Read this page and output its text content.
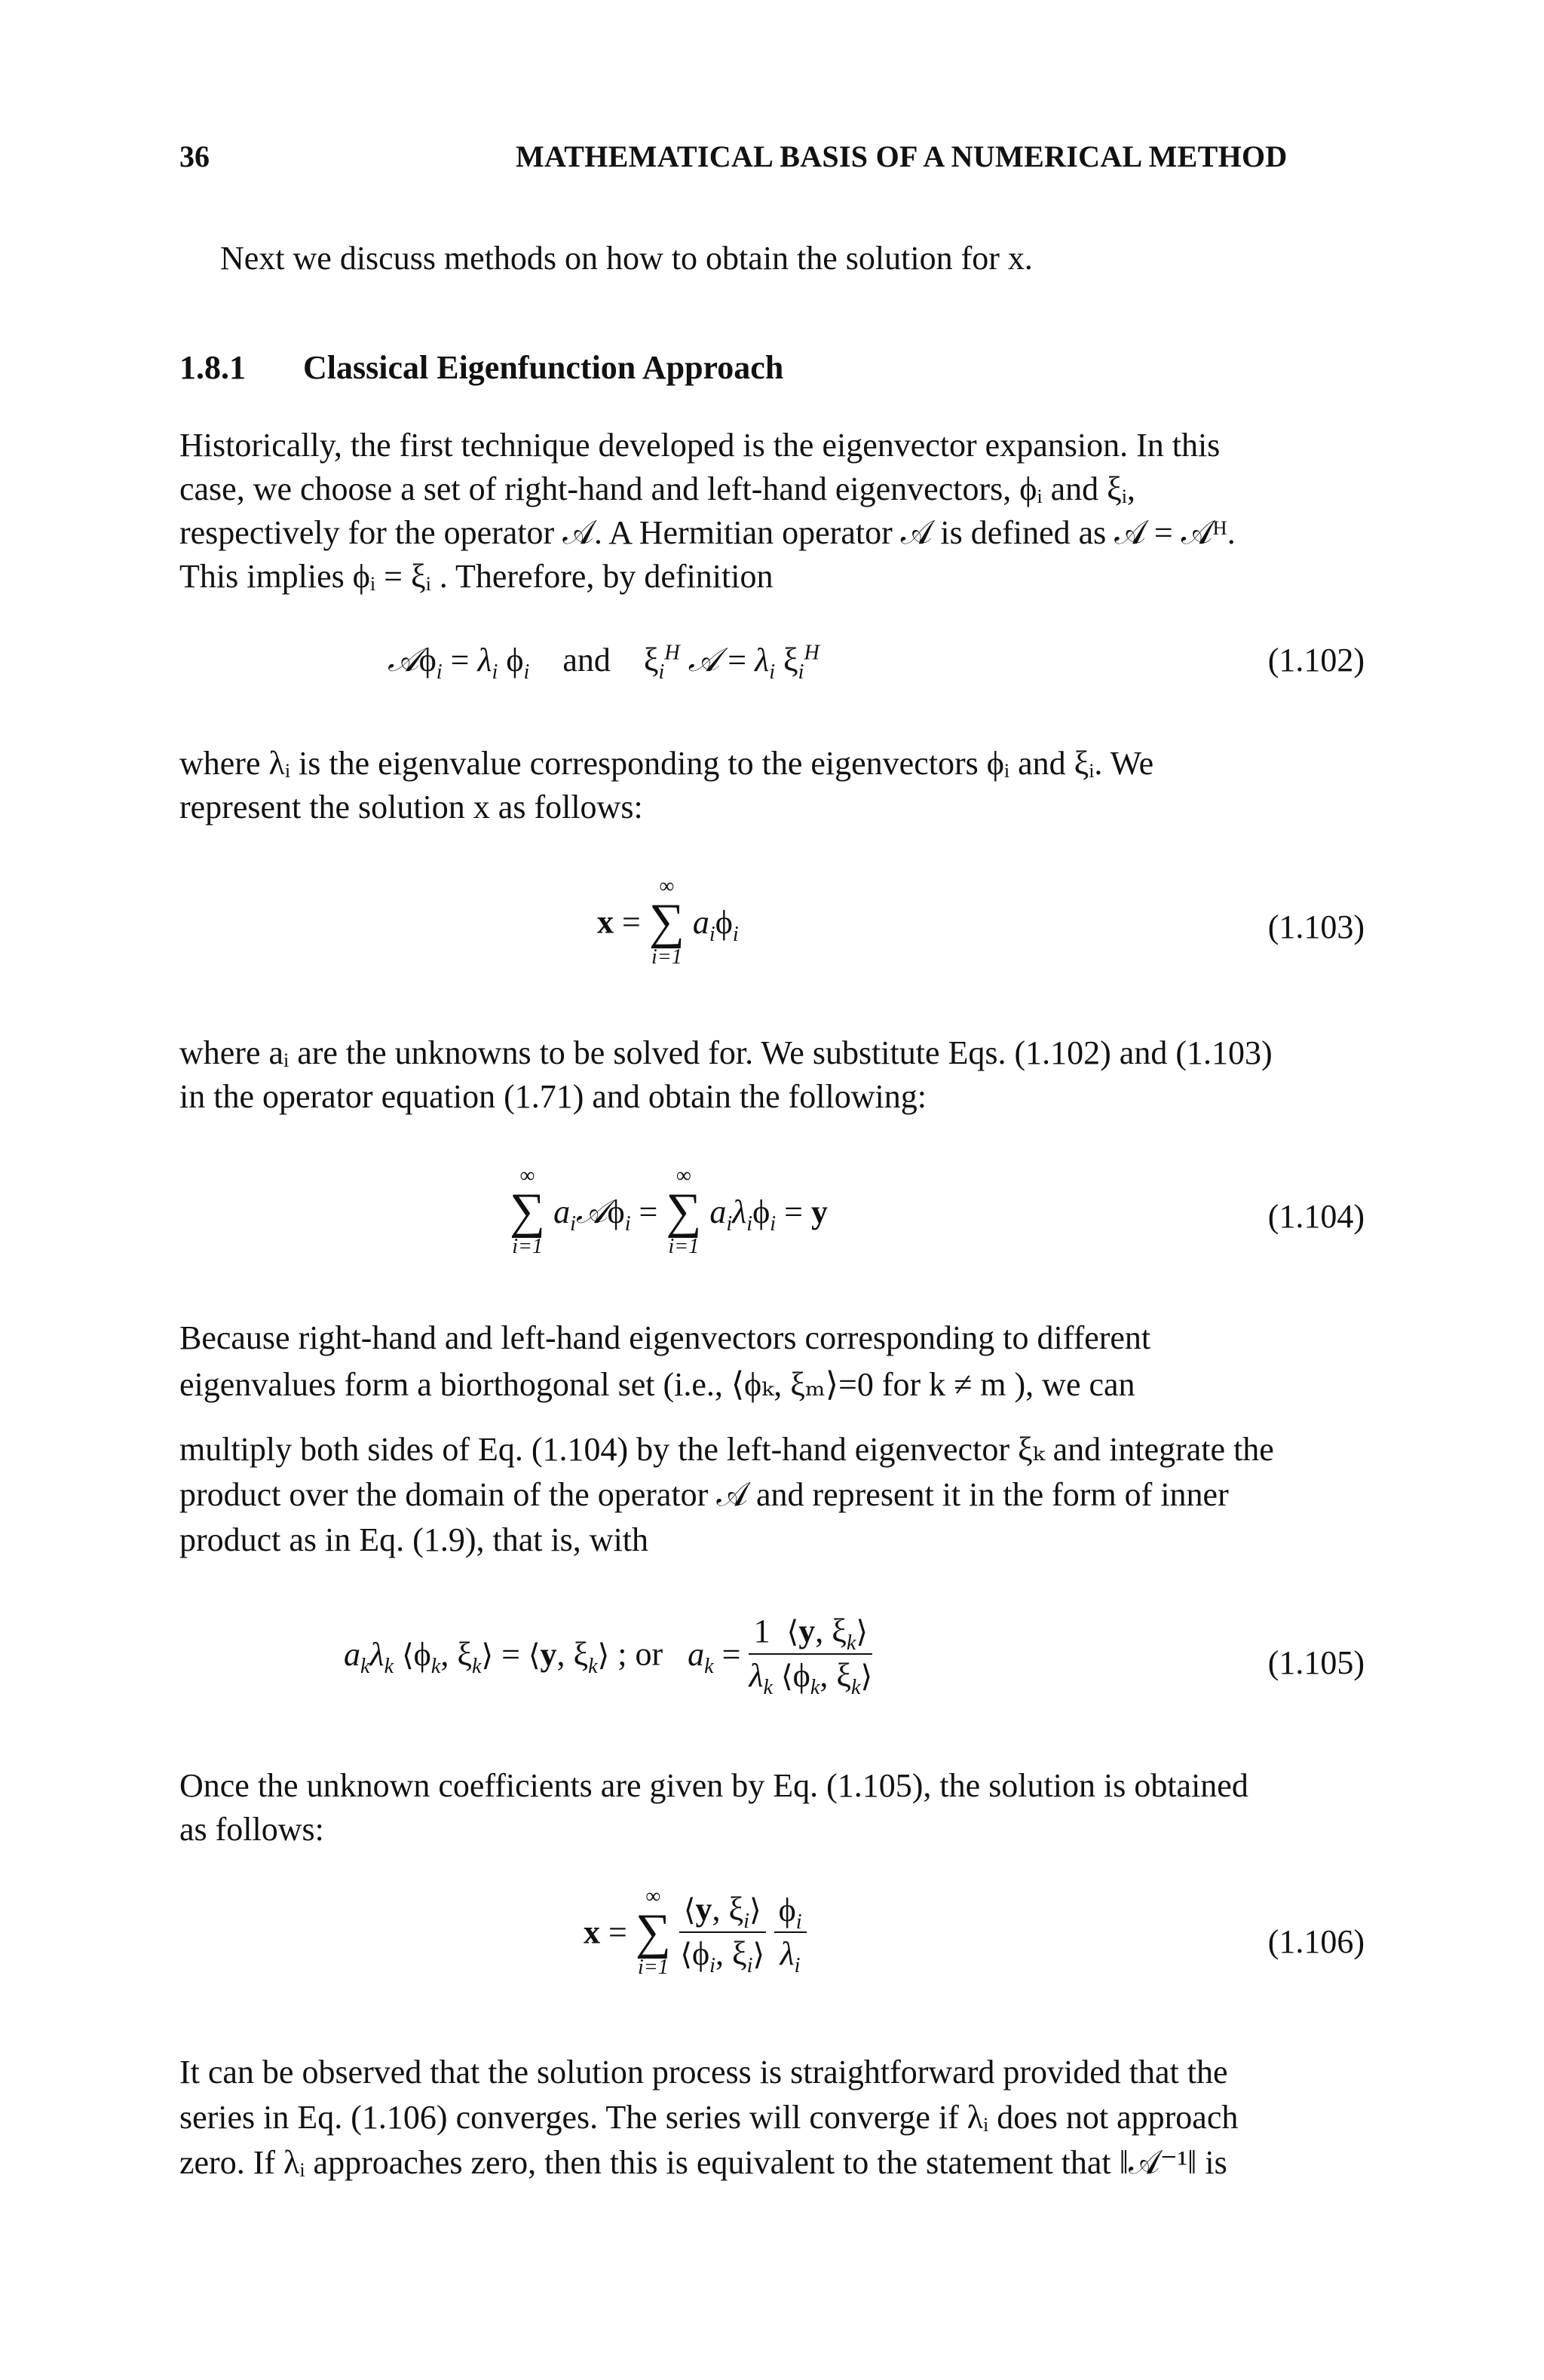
36	MATHEMATICAL BASIS OF A NUMERICAL METHOD
Next we discuss methods on how to obtain the solution for x.
1.8.1 Classical Eigenfunction Approach
Historically, the first technique developed is the eigenvector expansion. In this
case, we choose a set of right-hand and left-hand eigenvectors, ϕᵢ and ξᵢ,
respectively for the operator 𝒜. A Hermitian operator 𝒜 is defined as 𝒜 = 𝒜ᴴ.
This implies ϕᵢ = ξᵢ . Therefore, by definition
𝒜ϕ$_i$ = $\lambda_i$ $\phi_i$ and $\xi_i^H$ 𝒜 = $\lambda_i$ $\xi_i^H$	(1.102)
where λᵢ is the eigenvalue corresponding to the eigenvectors ϕᵢ and ξᵢ. We
represent the solution x as follows:
x =
∞
∑
i=1
$a_i\phi_i$	(1.103)
where aᵢ are the unknowns to be solved for. We substitute Eqs. (1.102) and (1.103)
in the operator equation (1.71) and obtain the following:
∞
∑
i=1
$a_i𝒜\phi_i$ =
∞
∑
i=1
$a_i\lambda_i\phi_i = y$	(1.104)
Because right-hand and left-hand eigenvectors corresponding to different
eigenvalues form a biorthogonal set (i.e., ⟨ϕₖ, ξₘ⟩=0 for k ≠ m ), we can
multiply both sides of Eq. (1.104) by the left-hand eigenvector ξₖ and integrate the
product over the domain of the operator 𝒜 and represent it in the form of inner
product as in Eq. (1.9), that is, with
$a_k\lambda_k$ $⟨\phi_k$, $\xi_k⟩$ = ⟨y, $\xi_k⟩$ ; or $a_k = \frac{1 ⟨y, \xi_k⟩}{\lambda_k ⟨\phi_k, \xi_k⟩}$	(1.105)
Once the unknown coefficients are given by Eq. (1.105), the solution is obtained
as follows:
x =
∞
∑
i=1
$\frac{⟨y, \xi_i⟩}{⟨\phi_i, \xi_i⟩}$
$\frac{\phi_i}{\lambda_i}$	(1.106)
It can be observed that the solution process is straightforward provided that the
series in Eq. (1.106) converges. The series will converge if λᵢ does not approach
zero. If λᵢ approaches zero, then this is equivalent to the statement that ‖𝒜⁻¹‖ is
